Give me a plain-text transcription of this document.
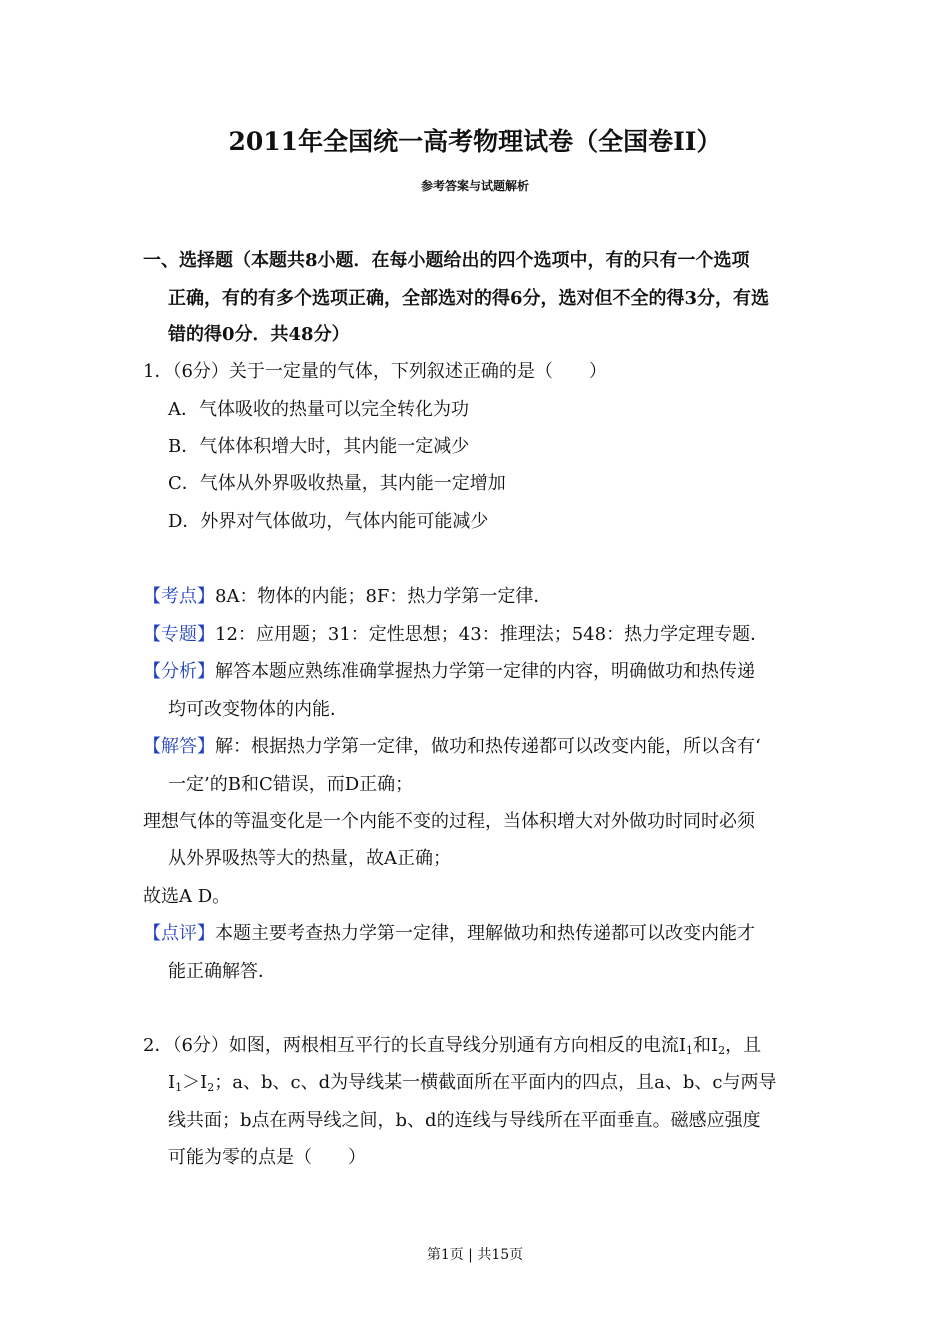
2011年全国统一高考物理试卷（全国卷II）
参考答案与试题解析
一、选择题（本题共8小题．在每小题给出的四个选项中，有的只有一个选项
正确，有的有多个选项正确，全部选对的得6分，选对但不全的得3分，有选
错的得0分．共48分）
1．（6分）关于一定量的气体，下列叙述正确的是（　　）
A．气体吸收的热量可以完全转化为功
B．气体体积增大时，其内能一定减少
C．气体从外界吸收热量，其内能一定增加
D．外界对气体做功，气体内能可能减少
【考点】8A：物体的内能；8F：热力学第一定律．
【专题】12：应用题；31：定性思想；43：推理法；548：热力学定理专题．
【分析】解答本题应熟练准确掌握热力学第一定律的内容，明确做功和热传递
均可改变物体的内能．
【解答】解：根据热力学第一定律，做功和热传递都可以改变内能，所以含有‘
一定’的B和C错误，而D正确；
理想气体的等温变化是一个内能不变的过程，当体积增大对外做功时同时必须
从外界吸热等大的热量，故A正确；
故选A D。
【点评】本题主要考查热力学第一定律，理解做功和热传递都可以改变内能才
能正确解答．
2．（6分）如图，两根相互平行的长直导线分别通有方向相反的电流$I_1$和$I_2$，且
$I_1>I_2$；a、b、c、d为导线某一横截面所在平面内的四点，且a、b、c与两导
线共面；b点在两导线之间，b、d的连线与导线所在平面垂直。磁感应强度
可能为零的点是（　　）
第1页 | 共15页
